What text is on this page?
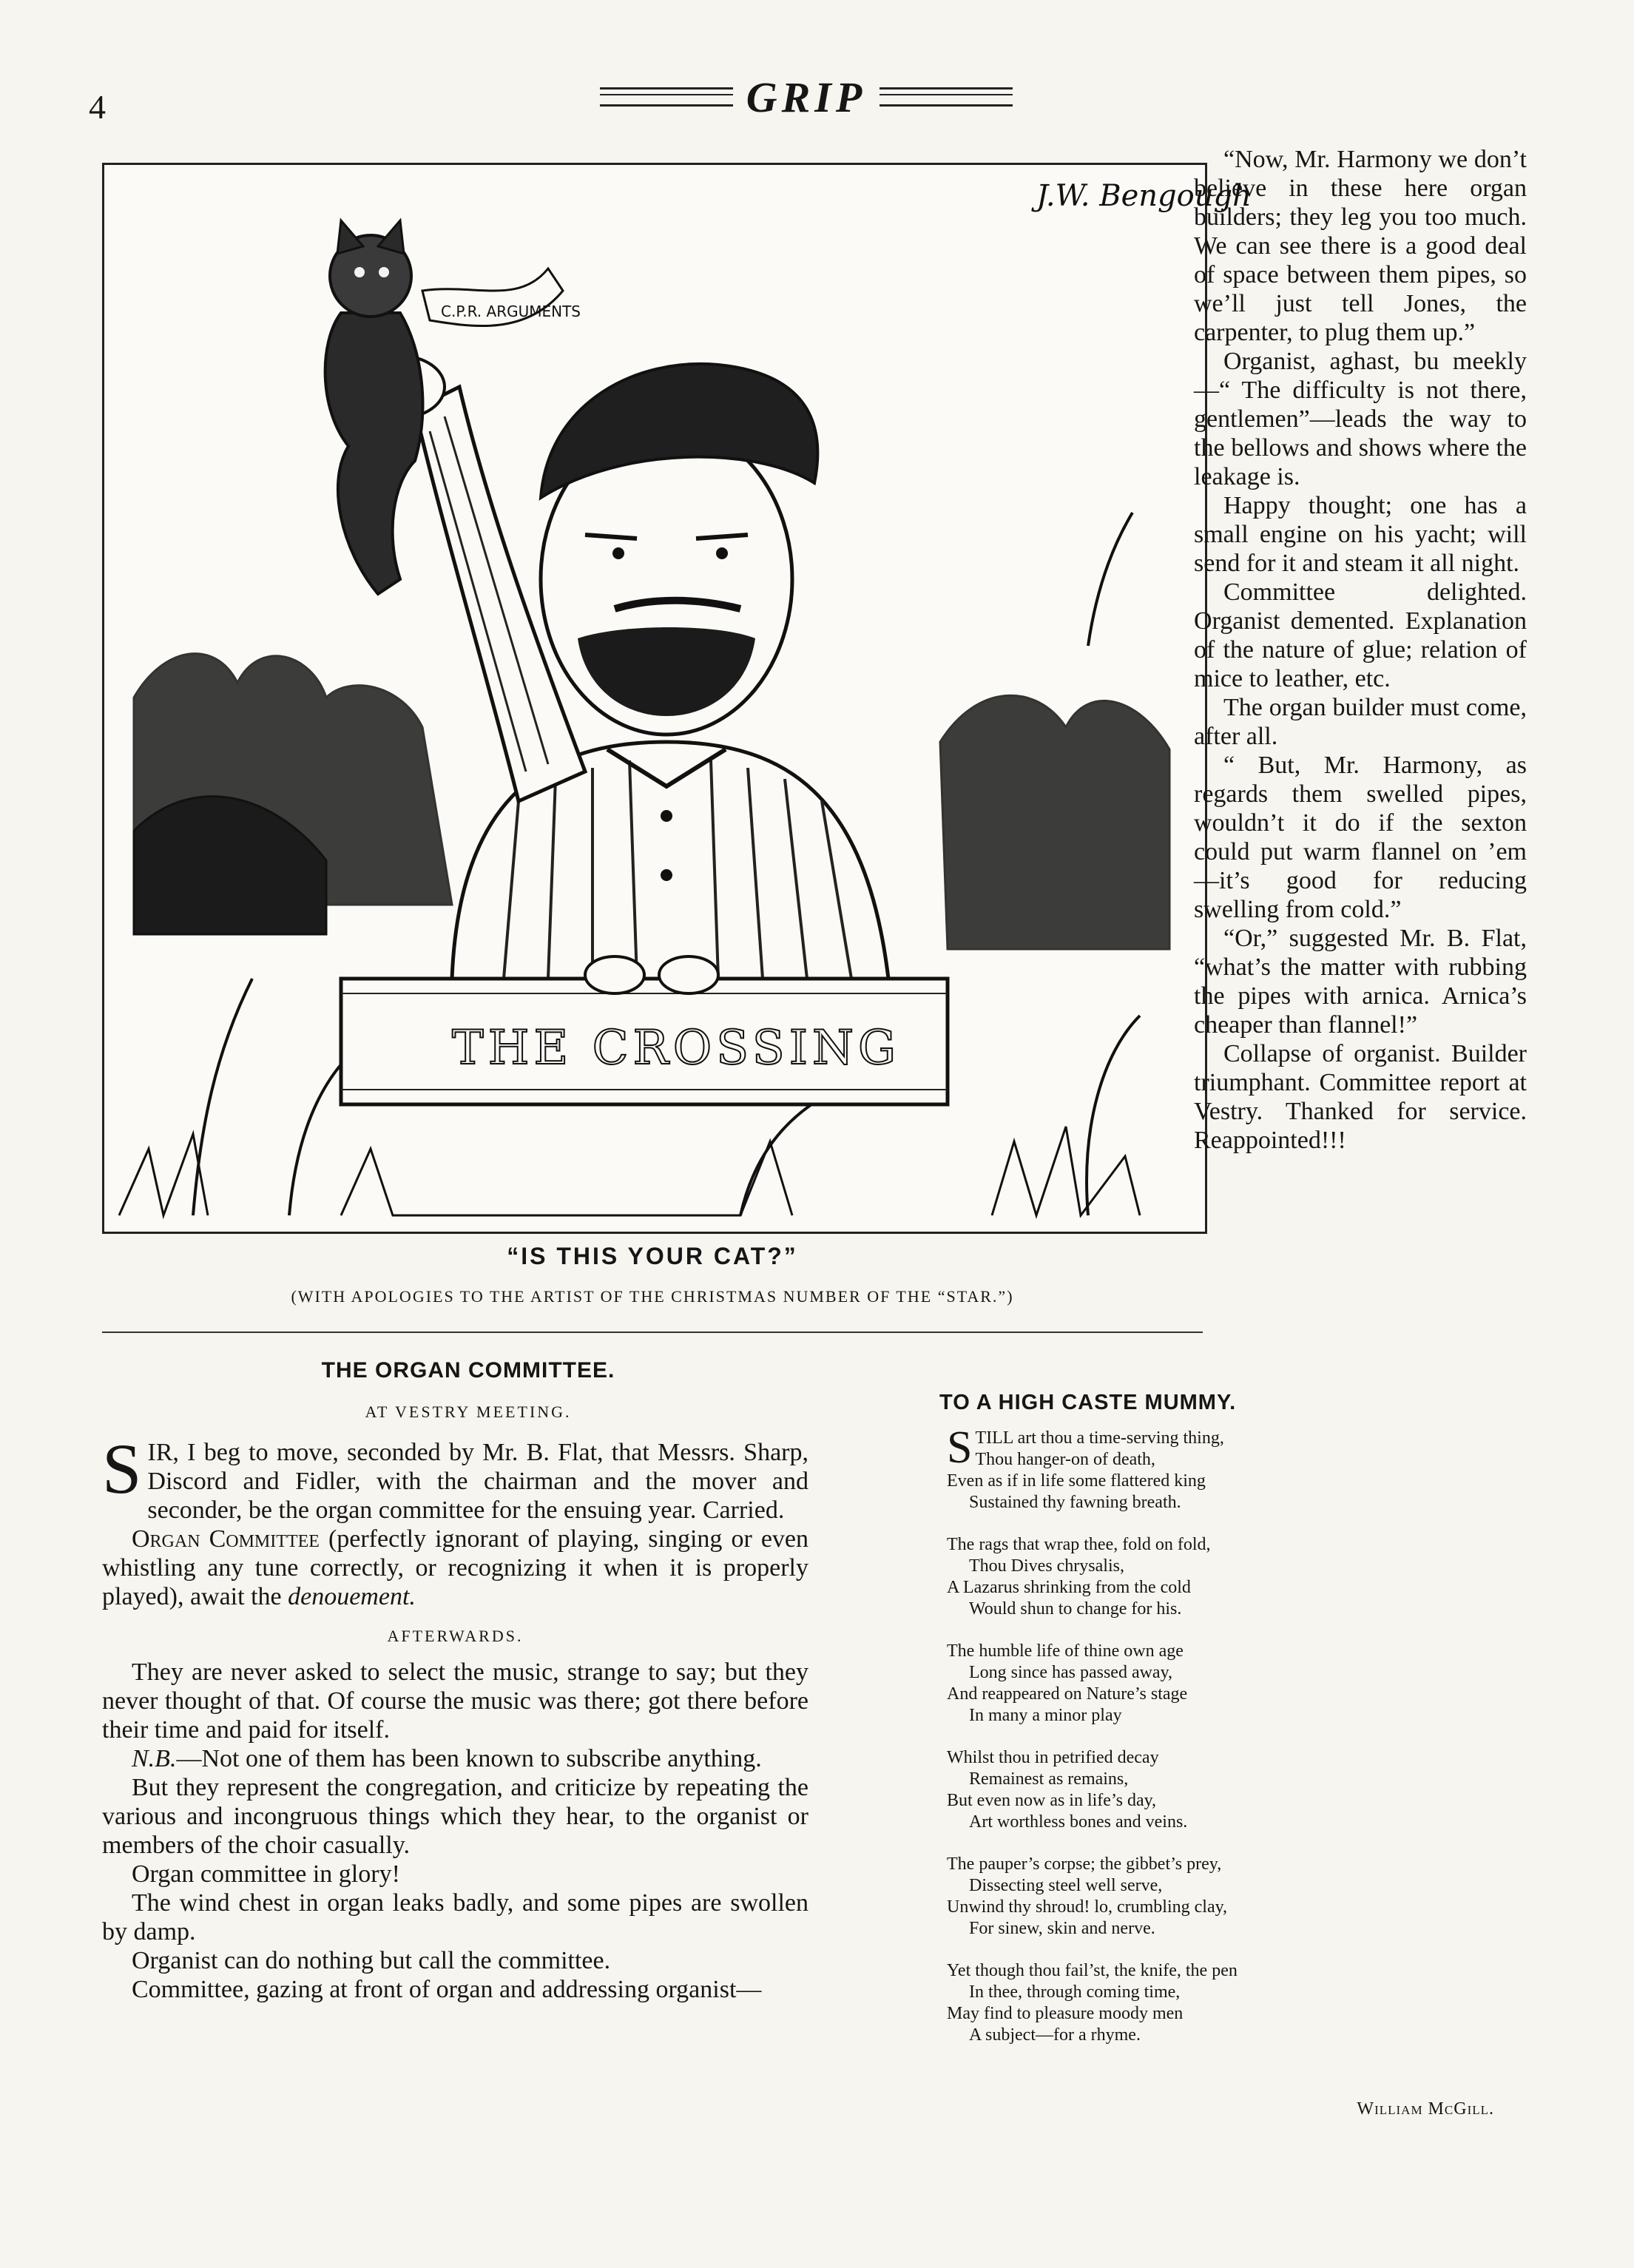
4	GRIP
J.W. Bengough
C.P.R. ARGUMENTS
THE CROSSING
“IS THIS YOUR CAT?”
(WITH APOLOGIES TO THE ARTIST OF THE CHRISTMAS NUMBER OF THE “STAR.”)

“Now, Mr. Harmony we don’t believe in these here organ builders; they leg you too much. We can see there is a good deal of space between them pipes, so we’ll just tell Jones, the carpenter, to plug them up.”

Organist, aghast, bu meekly—“ The difficulty is not there, gentlemen”—leads the way to the bellows and shows where the leakage is.

Happy thought; one has a small engine on his yacht; will send for it and steam it all night.

Committee delighted. Organist demented. Explanation of the nature of glue; relation of mice to leather, etc.

The organ builder must come, after all.

“ But, Mr. Harmony, as regards them swelled pipes, wouldn’t it do if the sexton could put warm flannel on ’em—it’s good for reducing swelling from cold.”

“Or,” suggested Mr. B. Flat, “what’s the matter with rubbing the pipes with arnica. Arnica’s cheaper than flannel!”

Collapse of organist. Builder triumphant. Committee report at Vestry. Thanked for service. Reappointed!!!

THE ORGAN COMMITTEE.
AT VESTRY MEETING.

SIR, I beg to move, seconded by Mr. B. Flat, that Messrs. Sharp, Discord and Fidler, with the chairman and the mover and seconder, be the organ committee for the ensuing year. Carried.

Organ Committee (perfectly ignorant of playing, singing or even whistling any tune correctly, or recognizing it when it is properly played), await the denouement.

AFTERWARDS.

They are never asked to select the music, strange to say; but they never thought of that. Of course the music was there; got there before their time and paid for itself.

N.B.—Not one of them has been known to subscribe anything.

But they represent the congregation, and criticize by repeating the various and incongruous things which they hear, to the organist or members of the choir casually.

Organ committee in glory!

The wind chest in organ leaks badly, and some pipes are swollen by damp.

Organist can do nothing but call the committee.

Committee, gazing at front of organ and addressing organist—

TO A HIGH CASTE MUMMY.
STILL art thou a time-serving thing,
Thou hanger-on of death,
Even as if in life some flattered king
Sustained thy fawning breath.
The rags that wrap thee, fold on fold,
Thou Dives chrysalis,
A Lazarus shrinking from the cold
Would shun to change for his.
The humble life of thine own age
Long since has passed away,
And reappeared on Nature’s stage
In many a minor play
Whilst thou in petrified decay
Remainest as remains,
But even now as in life’s day,
Art worthless bones and veins.
The pauper’s corpse; the gibbet’s prey,
Dissecting steel well serve,
Unwind thy shroud! lo, crumbling clay,
For sinew, skin and nerve.
Yet though thou fail’st, the knife, the pen
In thee, through coming time,
May find to pleasure moody men
A subject—for a rhyme.
William McGill.
